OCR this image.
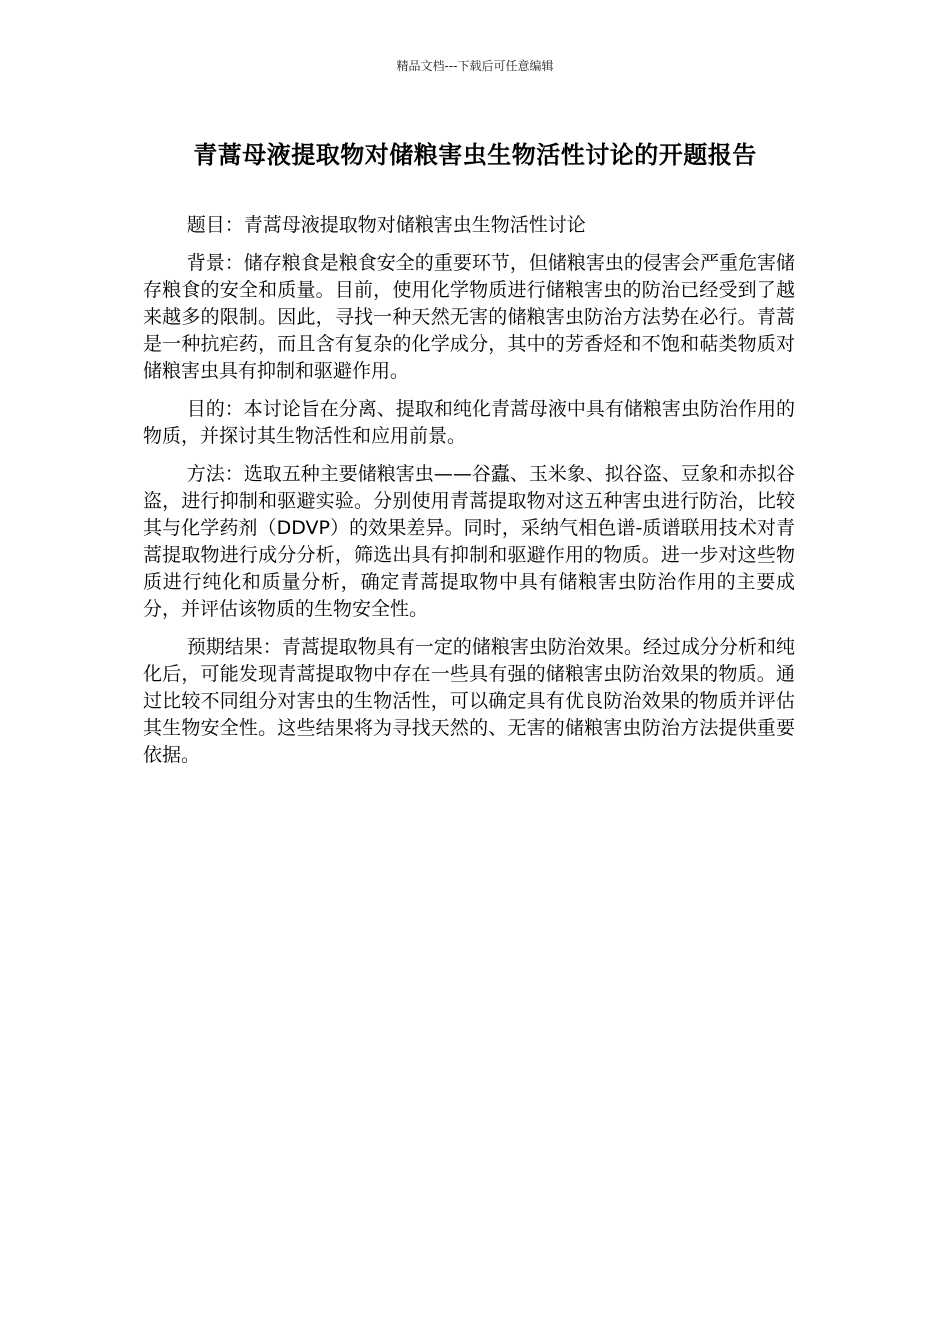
精品文档---下载后可任意编辑
青蒿母液提取物对储粮害虫生物活性讨论的开题报告

题目：青蒿母液提取物对储粮害虫生物活性讨论

背景：储存粮食是粮食安全的重要环节，但储粮害虫的侵害会严重危害储存粮食的安全和质量。目前，使用化学物质进行储粮害虫的防治已经受到了越来越多的限制。因此，寻找一种天然无害的储粮害虫防治方法势在必行。青蒿是一种抗疟药，而且含有复杂的化学成分，其中的芳香烃和不饱和萜类物质对储粮害虫具有抑制和驱避作用。

目的：本讨论旨在分离、提取和纯化青蒿母液中具有储粮害虫防治作用的物质，并探讨其生物活性和应用前景。

方法：选取五种主要储粮害虫——谷蠹、玉米象、拟谷盗、豆象和赤拟谷盗，进行抑制和驱避实验。分别使用青蒿提取物对这五种害虫进行防治，比较其与化学药剂（DDVP）的效果差异。同时，采纳气相色谱-质谱联用技术对青蒿提取物进行成分分析，筛选出具有抑制和驱避作用的物质。进一步对这些物质进行纯化和质量分析，确定青蒿提取物中具有储粮害虫防治作用的主要成分，并评估该物质的生物安全性。

预期结果：青蒿提取物具有一定的储粮害虫防治效果。经过成分分析和纯化后，可能发现青蒿提取物中存在一些具有强的储粮害虫防治效果的物质。通过比较不同组分对害虫的生物活性，可以确定具有优良防治效果的物质并评估其生物安全性。这些结果将为寻找天然的、无害的储粮害虫防治方法提供重要依据。
